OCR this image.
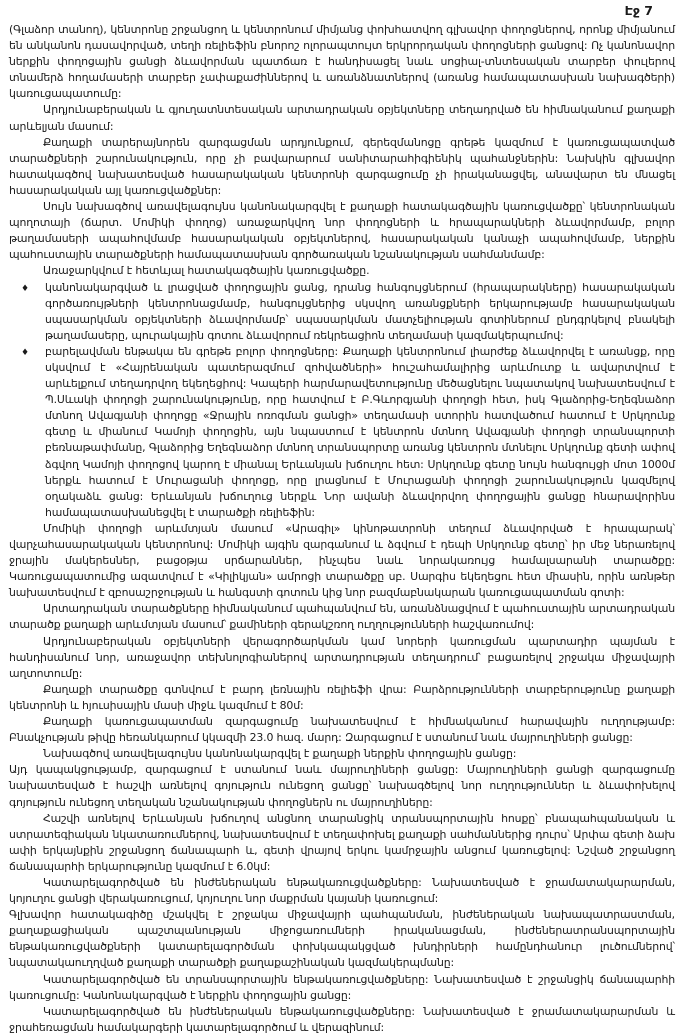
Էջ 7

(Գլաձոր տանող), կենտրոնը շրջանցող և կենտրոնում միմյանց փոխհատվող գլխավոր փողոցներով, որոնք միմյանում են անկանոն դասավորված, տեղի ռելիեֆին բնորոշ ոլորապտույտ երկրորդական փողոցների ցանցով: Ոչ կանոնավոր ներքին փողոցային ցանցի ձևավորման պատճառ է հանդիսացել նաև սոցիալ-տնտեսական տարբեր փուլերով տնամերձ հողամասերի տարբեր չափաքաժիններով և առանձնատներով (առանց համապատասխան նախագծերի) կառուցապատումը:

Արդյունաբերական և գյուղատնտեսական արտադրական օբյեկտները տեղադրված են հիմնականում քաղաքի արևելյան մասում:

Քաղաքի տարերայնորեն զարգացման արդյունքում, գերեզմանոցը գրեթե կազմում է կառուցապատված տարածքների շարունակություն, որը չի բավարարում սանիտարահիգիենիկ պահանջներին: Նախկին գլխավոր հատակագծով նախատեսված հասարակական կենտրոնի զարգացումը չի իրականացվել, անավարտ են մնացել հասարակական այլ կառուցվածքներ:

Սույն նախագծով առավելագույնս կանոնակարգվել է քաղաքի հատակագծային կառուցվածքը՝ կենտրոնական պողոտայի (ճարտ. Մոմիկի փողոց) առաջարկվող նոր փողոցների և հրապարակների ձևավորմամբ, բոլոր թաղամասերի ապահովմամբ հասարակական օբյեկտներով, հասարակական կանաչի ապահովմամբ, ներքին պահուստային տարածքների համապատասխան գործառական նշանակության սահմանմամբ:

Առաջարկվում է հետևյալ հատակագծային կառուցվածքը.

♦ կանոնակարգված և լրացված փողոցային ցանց, դրանց հանգույցներում (հրապարակները) հասարակական գործառույթների կենտրոնացմամբ, հանգույցներից սկսվող առանցքների երկարությամբ հասարակական սպասարկման օբյեկտների ձևավորմամբ՝ սպասարկման մատչելիության գոտիներում ընդգրկելով բնակելի թաղամասերը, պուրակային գոտու ձևավորում ռեկրեացիոն տեղամասի կազմակերպումով:

♦ բարելավման ենթակա են գրեթե բոլոր փողոցները: Քաղաքի կենտրոնում լիարժեք ձևավորվել է առանցք, որը սկսվում է «Հայրենական պատերազմում զոհվածների» հուշահամալիրից արևմուտք և ավարտվում է արևելքում տեղադրվող եկեղեցիով: Կապերի հարմարավետությունը մեծացնելու նպատակով նախատեսվում է Պ.Սևակի փողոցի շարունակությունը, որը հատվում է Բ.Գևորգյանի փողոցի հետ, իսկ Գլաձորից-Եղեգնաձոր մտնող Ավագյանի փողոցը «Ջրային ոռոգման ցանցի» տեղամասի ստորին հատվածում հատում է Սրկղունք գետը և միանում Կամոյի փողոցին, այն նպաստում է կենտրոն մտնող Ավագյանի փողոցի տրանսպորտի բեռնաթափմանը, Գլաձորից Եղեգնաձոր մտնող տրանսպորտը առանց կենտրոն մտնելու Սրկղունք գետի ափով ձգվող Կամոյի փողոցով կարող է միանալ Երևանյան խճուղու հետ: Սրկղունք գետը նույն հանգույցի մոտ 1000մ ներքև հատում է Մուրացանի փողոցը, որը լրացնում է Մուրացանի փողոցի շարունակություն կազմելով օղակաձև ցանց: Երևանյան խճուղուց ներքև Նոր ավանի ձևավորվող փողոցային ցանցը հնարավորինս համապատասխանեցվել է տարածքի ռելիեֆին:

Մոմիկի փողոցի արևմտյան մասում «Արագիլ» կինոթատրոնի տեղում ձևավորված է հրապարակ՝ վարչահասարակական կենտրոնով: Մոմիկի այգին զարգանում և ձգվում է դեպի Սրկղունք գետը՝ իր մեջ ներառելով ջրային մակերեսներ, բացօթյա սրճարաններ, ինչպես նաև նորակառույց համալսարանի տարածքը: Կառուցապատումից ազատվում է «Կիլիկյան» ամրոցի տարածքը սբ. Սարգիս եկեղեցու հետ միասին, որին առնթեր նախատեսվում է զբոսաշրջության և հանգստի գոտուն կից նոր բազմաբնակարան կառուցապատման գոտի:

Արտադրական տարածքները հիմնականում պահպանվում են, առանձնացվում է պահուստային արտադրական տարածք քաղաքի արևմտյան մասում՝ քամիների գերակշռող ուղղությունների հաշվառումով:

Արդյունաբերական օբյեկտների վերագործարկման կամ նորերի կառուցման պարտադիր պայման է հանդիսանում նոր, առաջավոր տեխնոլոգիաներով արտադրության տեղադրում՝ բացառելով շրջակա միջավայրի աղտոտումը:

Քաղաքի տարածքը գտնվում է բարդ լեռնային ռելիեֆի վրա: Բարձրությունների տարբերությունը քաղաքի կենտրոնի և հյուսիսային մասի միջև կազմում է 80մ:

Քաղաքի կառուցապատման զարգացումը նախատեսվում է հիմնականում հարավային ուղղությամբ: Բնակչության թիվը հեռանկարում կկազմի 23.0 հազ. մարդ: Զարգացում է ստանում նաև մայրուղիների ցանցը:

Նախագծով առավելագույնս կանոնակարգվել է քաղաքի ներքին փողոցային ցանցը:

Այդ կապակցությամբ, զարգացում է ստանում նաև մայրուղիների ցանցը: Մայրուղիների ցանցի զարգացումը նախատեսված է հաշվի առնելով գոյություն ունեցող ցանցը՝ նախագծելով նոր ուղղություններ և ձևափոխելով գոյություն ունեցող տեղական նշանակության փողոցներն ու մայրուղիները:

Հաշվի առնելով Երևանյան խճուղով անցնող տարանցիկ տրանսպորտային հոսքը՝ բնապահպանական և ստրատեգիական նկատառումներով, նախատեսվում է տեղափոխել քաղաքի սահմաններից դուրս՝ Արփա գետի ձախ ափի երկայնքին շրջանցող ճանապարհ և, գետի վրայով երկու կամրջային անցում կառուցելով: Նշված շրջանցող ճանապարհի երկարությունը կազմում է 6.0կմ:

Կատարելագործված են ինժեներական ենթակառուցվածքները: Նախատեսված է ջրամատակարարման, կոյուղու ցանցի վերակառուցում, կոյուղու նոր մաքրման կայանի կառուցում:

Գլխավոր հատակագիծը մշակվել է շրջակա միջավայրի պահպանման, ինժեներական նախապատրաստման, քաղաքացիական պաշտպանության միջոցառումների իրականացման, ինժեներատրանսպորտային ենթակառուցվածքների կատարելագործման փոխկապակցված խնդիրների համընդհանուր լուծումներով՝ նպատակաուղղված քաղաքի տարածքի քաղաքաշինական կազմակերպմանը:

Կատարելագործված են տրանսպորտային ենթակառուցվածքները: Նախատեսված է շրջանցիկ ճանապարհի կառուցումը: Կանոնակարգված է ներքին փողոցային ցանցը:

Կատարելագործված են ինժեներական ենթակառուցվածքները: Նախատեսված է ջրամատակարարման և ջրահեռացման համակարգերի կատարելագործում և վերազինում:
